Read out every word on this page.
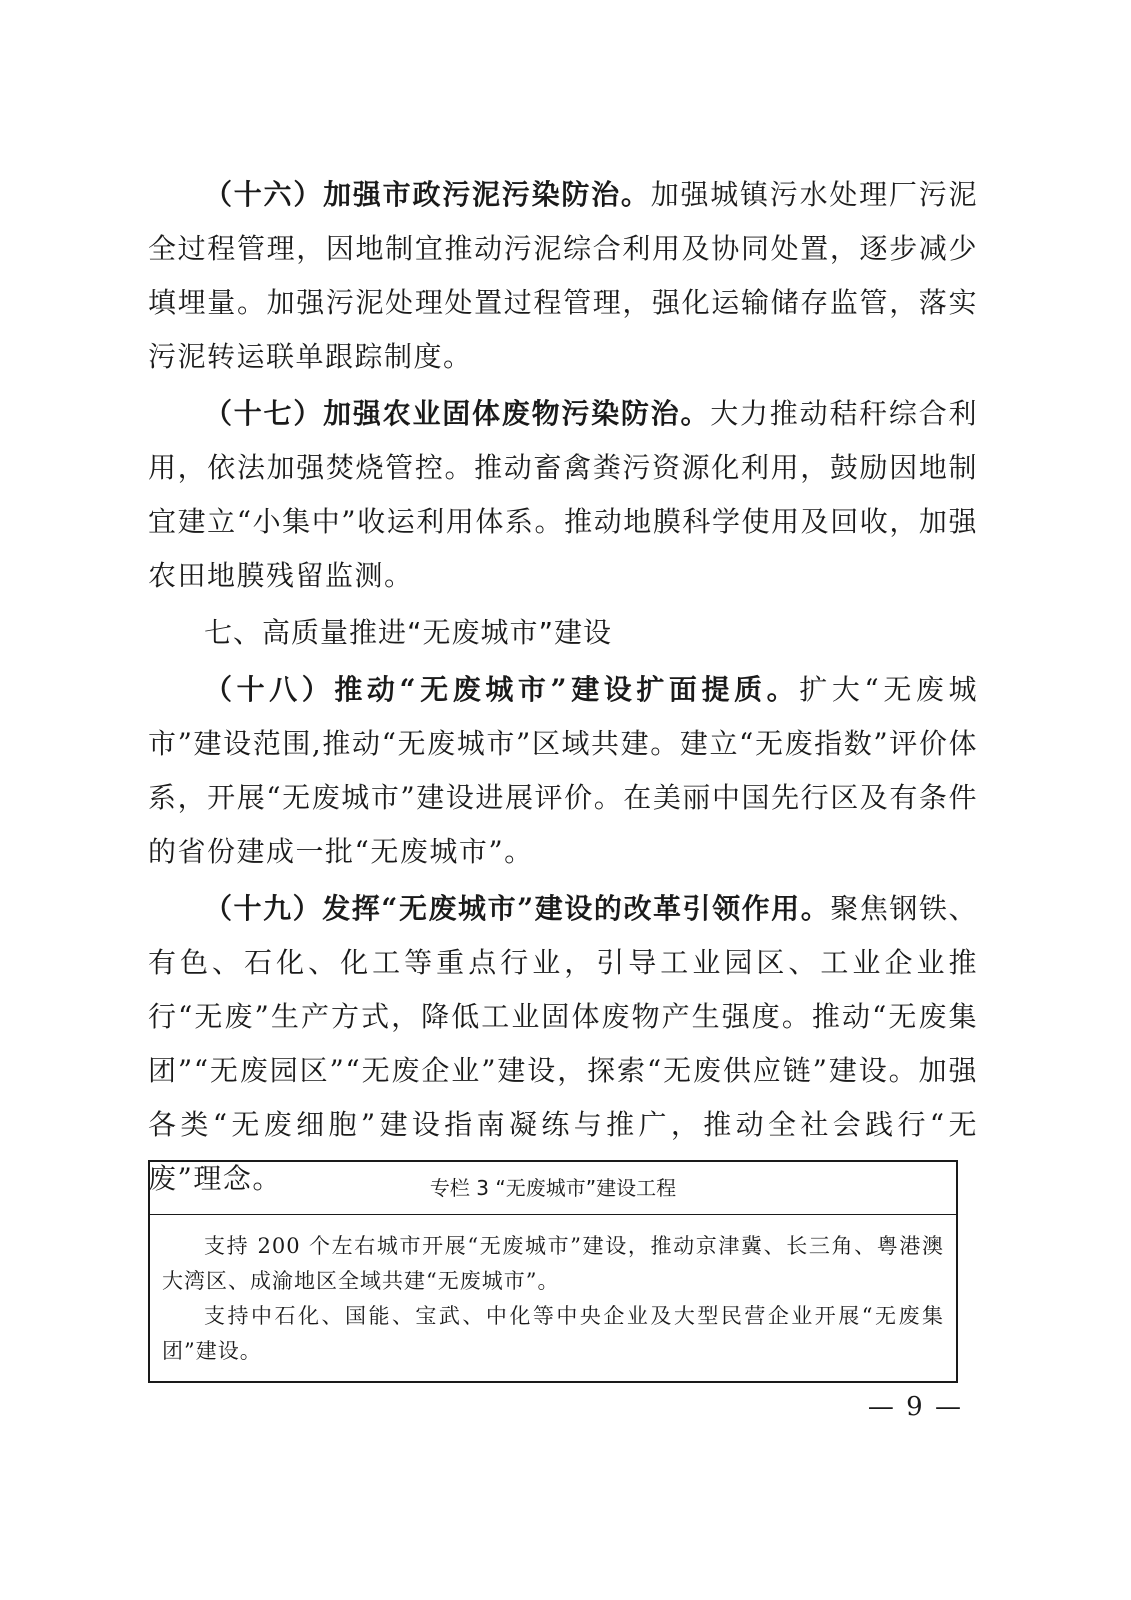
（十六）加强市政污泥污染防治。加强城镇污水处理厂污泥全过程管理，因地制宜推动污泥综合利用及协同处置，逐步减少填埋量。加强污泥处理处置过程管理，强化运输储存监管，落实污泥转运联单跟踪制度。

（十七）加强农业固体废物污染防治。大力推动秸秆综合利用，依法加强焚烧管控。推动畜禽粪污资源化利用，鼓励因地制宜建立“小集中”收运利用体系。推动地膜科学使用及回收，加强农田地膜残留监测。

七、高质量推进“无废城市”建设

（十八）推动“无废城市”建设扩面提质。扩大“无废城市”建设范围,推动“无废城市”区域共建。建立“无废指数”评价体系，开展“无废城市”建设进展评价。在美丽中国先行区及有条件的省份建成一批“无废城市”。

（十九）发挥“无废城市”建设的改革引领作用。聚焦钢铁、有色、石化、化工等重点行业，引导工业园区、工业企业推行“无废”生产方式，降低工业固体废物产生强度。推动“无废集团”“无废园区”“无废企业”建设，探索“无废供应链”建设。加强各类“无废细胞”建设指南凝练与推广，推动全社会践行“无废”理念。	专栏 3 “无废城市”建设工程

支持 200 个左右城市开展“无废城市”建设，推动京津冀、长三角、粤港澳大湾区、成渝地区全域共建“无废城市”。

支持中石化、国能、宝武、中化等中央企业及大型民营企业开展“无废集团”建设。

— 9 —
